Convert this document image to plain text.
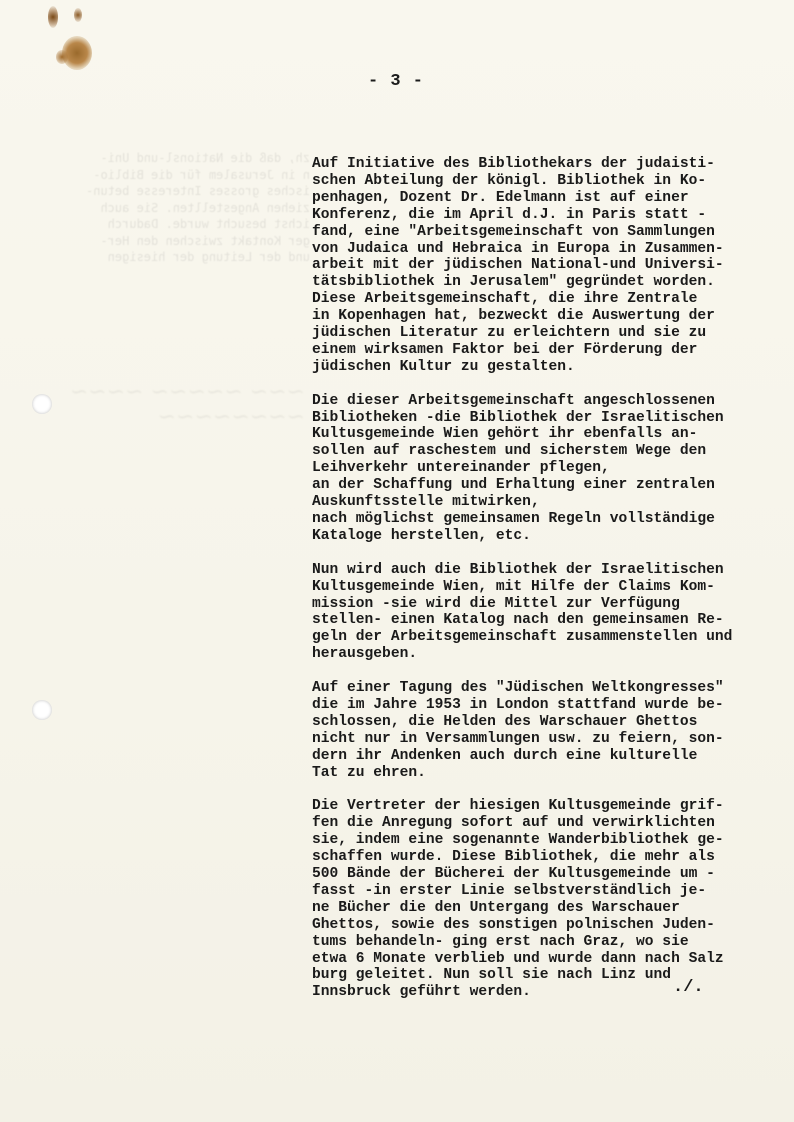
zh, daß die Nationsl-und Uni-
n in Jerusalem für die Biblio-
isches grosses Interesse betun-
ziehen Angestellten. Sie auch
ichst besucht wurde. Dadurch
ger Kontakt zwischen den Her-
und der Leitung der hiesigen
~~~ ~~~~~ ~~~~ ~~~~~~~~
- 3 -
Auf Initiative des Bibliothekars der judaisti-
schen Abteilung der königl. Bibliothek in Ko-
penhagen, Dozent Dr. Edelmann ist auf einer
Konferenz, die im April d.J. in Paris statt -
fand, eine "Arbeitsgemeinschaft von Sammlungen
von Judaica und Hebraica in Europa in Zusammen-
arbeit mit der jüdischen National-und Universi-
tätsbibliothek in Jerusalem" gegründet worden.
Diese Arbeitsgemeinschaft, die ihre Zentrale
in Kopenhagen hat, bezweckt die Auswertung der
jüdischen Literatur zu erleichtern und sie zu
einem wirksamen Faktor bei der Förderung der
jüdischen Kultur zu gestalten.
Die dieser Arbeitsgemeinschaft angeschlossenen
Bibliotheken -die Bibliothek der Israelitischen
Kultusgemeinde Wien gehört ihr ebenfalls an-
sollen auf raschestem und sicherstem Wege den
Leihverkehr untereinander pflegen,
an der Schaffung und Erhaltung einer zentralen
Auskunftsstelle mitwirken,
nach möglichst gemeinsamen Regeln vollständige
Kataloge herstellen, etc.
Nun wird auch die Bibliothek der Israelitischen
Kultusgemeinde Wien, mit Hilfe der Claims Kom-
mission -sie wird die Mittel zur Verfügung
stellen- einen Katalog nach den gemeinsamen Re-
geln der Arbeitsgemeinschaft zusammenstellen und
herausgeben.
Auf einer Tagung des "Jüdischen Weltkongresses"
die im Jahre 1953 in London stattfand wurde be-
schlossen, die Helden des Warschauer Ghettos
nicht nur in Versammlungen usw. zu feiern, son-
dern ihr Andenken auch durch eine kulturelle
Tat zu ehren.
Die Vertreter der hiesigen Kultusgemeinde grif-
fen die Anregung sofort auf und verwirklichten
sie, indem eine sogenannte Wanderbibliothek ge-
schaffen wurde. Diese Bibliothek, die mehr als
500 Bände der Bücherei der Kultusgemeinde um -
fasst -in erster Linie selbstverständlich je-
ne Bücher die den Untergang des Warschauer
Ghettos, sowie des sonstigen polnischen Juden-
tums behandeln- ging erst nach Graz, wo sie
etwa 6 Monate verblieb und wurde dann nach Salz
burg geleitet. Nun soll sie nach Linz und
Innsbruck geführt werden.	./.
